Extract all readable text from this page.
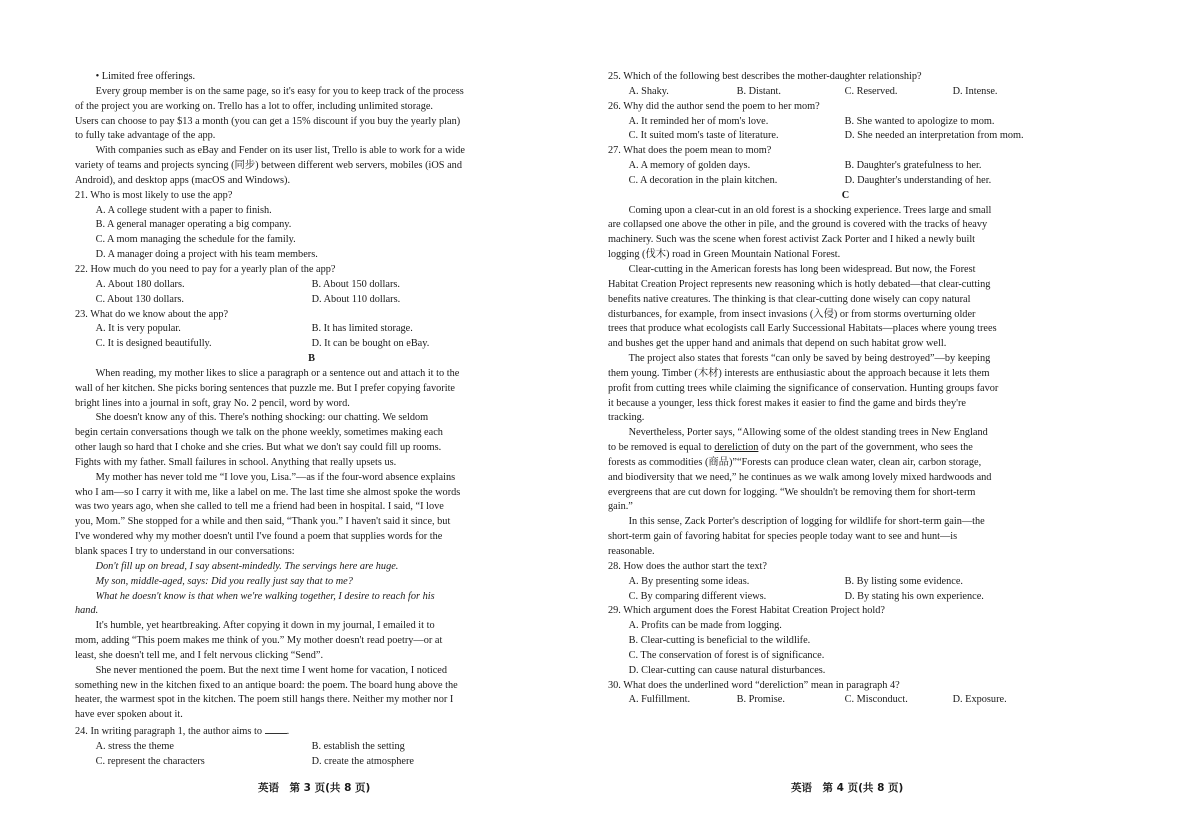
• Limited free offerings.
Every group member is on the same page, so it's easy for you to keep track of the process
of the project you are working on. Trello has a lot to offer, including unlimited storage.
Users can choose to pay $13 a month (you can get a 15% discount if you buy the yearly plan)
to fully take advantage of the app.
With companies such as eBay and Fender on its user list, Trello is able to work for a wide
variety of teams and projects syncing (同步) between different web servers, mobiles (iOS and
Android), and desktop apps (macOS and Windows).
21. Who is most likely to use the app?
A. A college student with a paper to finish.
B. A general manager operating a big company.
C. A mom managing the schedule for the family.
D. A manager doing a project with his team members.
22. How much do you need to pay for a yearly plan of the app?
A. About 180 dollars.	B. About 150 dollars.
C. About 130 dollars.	D. About 110 dollars.
23. What do we know about the app?
A. It is very popular.	B. It has limited storage.
C. It is designed beautifully.	D. It can be bought on eBay.
B
When reading, my mother likes to slice a paragraph or a sentence out and attach it to the
wall of her kitchen. She picks boring sentences that puzzle me. But I prefer copying favorite
bright lines into a journal in soft, gray No. 2 pencil, word by word.
She doesn't know any of this. There's nothing shocking: our chatting. We seldom
begin certain conversations though we talk on the phone weekly, sometimes making each
other laugh so hard that I choke and she cries. But what we don't say could fill up rooms.
Fights with my father. Small failures in school. Anything that really upsets us.
My mother has never told me “I love you, Lisa.”—as if the four-word absence explains
who I am—so I carry it with me, like a label on me. The last time she almost spoke the words
was two years ago, when she called to tell me a friend had been in hospital. I said, “I love
you, Mom.” She stopped for a while and then said, “Thank you.” I haven't said it since, but
I've wondered why my mother doesn't until I've found a poem that supplies words for the
blank spaces I try to understand in our conversations:
Don't fill up on bread, I say absent-mindedly. The servings here are huge.
My son, middle-aged, says: Did you really just say that to me?
What he doesn't know is that when we're walking together, I desire to reach for his
hand.
It's humble, yet heartbreaking. After copying it down in my journal, I emailed it to
mom, adding “This poem makes me think of you.” My mother doesn't read poetry—or at
least, she doesn't tell me, and I felt nervous clicking “Send”.
She never mentioned the poem. But the next time I went home for vacation, I noticed
something new in the kitchen fixed to an antique board: the poem. The board hung above the
heater, the warmest spot in the kitchen. The poem still hangs there. Neither my mother nor I
have ever spoken about it.
24. In writing paragraph 1, the author aims to .
A. stress the theme	B. establish the setting
C. represent the characters	D. create the atmosphere
英语　第 3 页(共 8 页)
25. Which of the following best describes the mother-daughter relationship?
A. Shaky.	B. Distant.	C. Reserved.	D. Intense.
26. Why did the author send the poem to her mom?
A. It reminded her of mom's love.	B. She wanted to apologize to mom.
C. It suited mom's taste of literature.	D. She needed an interpretation from mom.
27. What does the poem mean to mom?
A. A memory of golden days.	B. Daughter's gratefulness to her.
C. A decoration in the plain kitchen.	D. Daughter's understanding of her.
C
Coming upon a clear-cut in an old forest is a shocking experience. Trees large and small
are collapsed one above the other in pile, and the ground is covered with the tracks of heavy
machinery. Such was the scene when forest activist Zack Porter and I hiked a newly built
logging (伐木) road in Green Mountain National Forest.
Clear-cutting in the American forests has long been widespread. But now, the Forest
Habitat Creation Project represents new reasoning which is hotly debated—that clear-cutting
benefits native creatures. The thinking is that clear-cutting done wisely can copy natural
disturbances, for example, from insect invasions (入侵) or from storms overturning older
trees that produce what ecologists call Early Successional Habitats—places where young trees
and bushes get the upper hand and animals that depend on such habitat grow well.
The project also states that forests “can only be saved by being destroyed”—by keeping
them young. Timber (木材) interests are enthusiastic about the approach because it lets them
profit from cutting trees while claiming the significance of conservation. Hunting groups favor
it because a younger, less thick forest makes it easier to find the game and birds they're
tracking.
Nevertheless, Porter says, “Allowing some of the oldest standing trees in New England
to be removed is equal to dereliction of duty on the part of the government, who sees the
forests as commodities (商品)”“Forests can produce clean water, clean air, carbon storage,
and biodiversity that we need,” he continues as we walk among lovely mixed hardwoods and
evergreens that are cut down for logging. “We shouldn't be removing them for short-term
gain.”
In this sense, Zack Porter's description of logging for wildlife for short-term gain—the
short-term gain of favoring habitat for species people today want to see and hunt—is
reasonable.
28. How does the author start the text?
A. By presenting some ideas.	B. By listing some evidence.
C. By comparing different views.	D. By stating his own experience.
29. Which argument does the Forest Habitat Creation Project hold?
A. Profits can be made from logging.
B. Clear-cutting is beneficial to the wildlife.
C. The conservation of forest is of significance.
D. Clear-cutting can cause natural disturbances.
30. What does the underlined word “dereliction” mean in paragraph 4?
A. Fulfillment.	B. Promise.	C. Misconduct.	D. Exposure.
英语　第 4 页(共 8 页)
